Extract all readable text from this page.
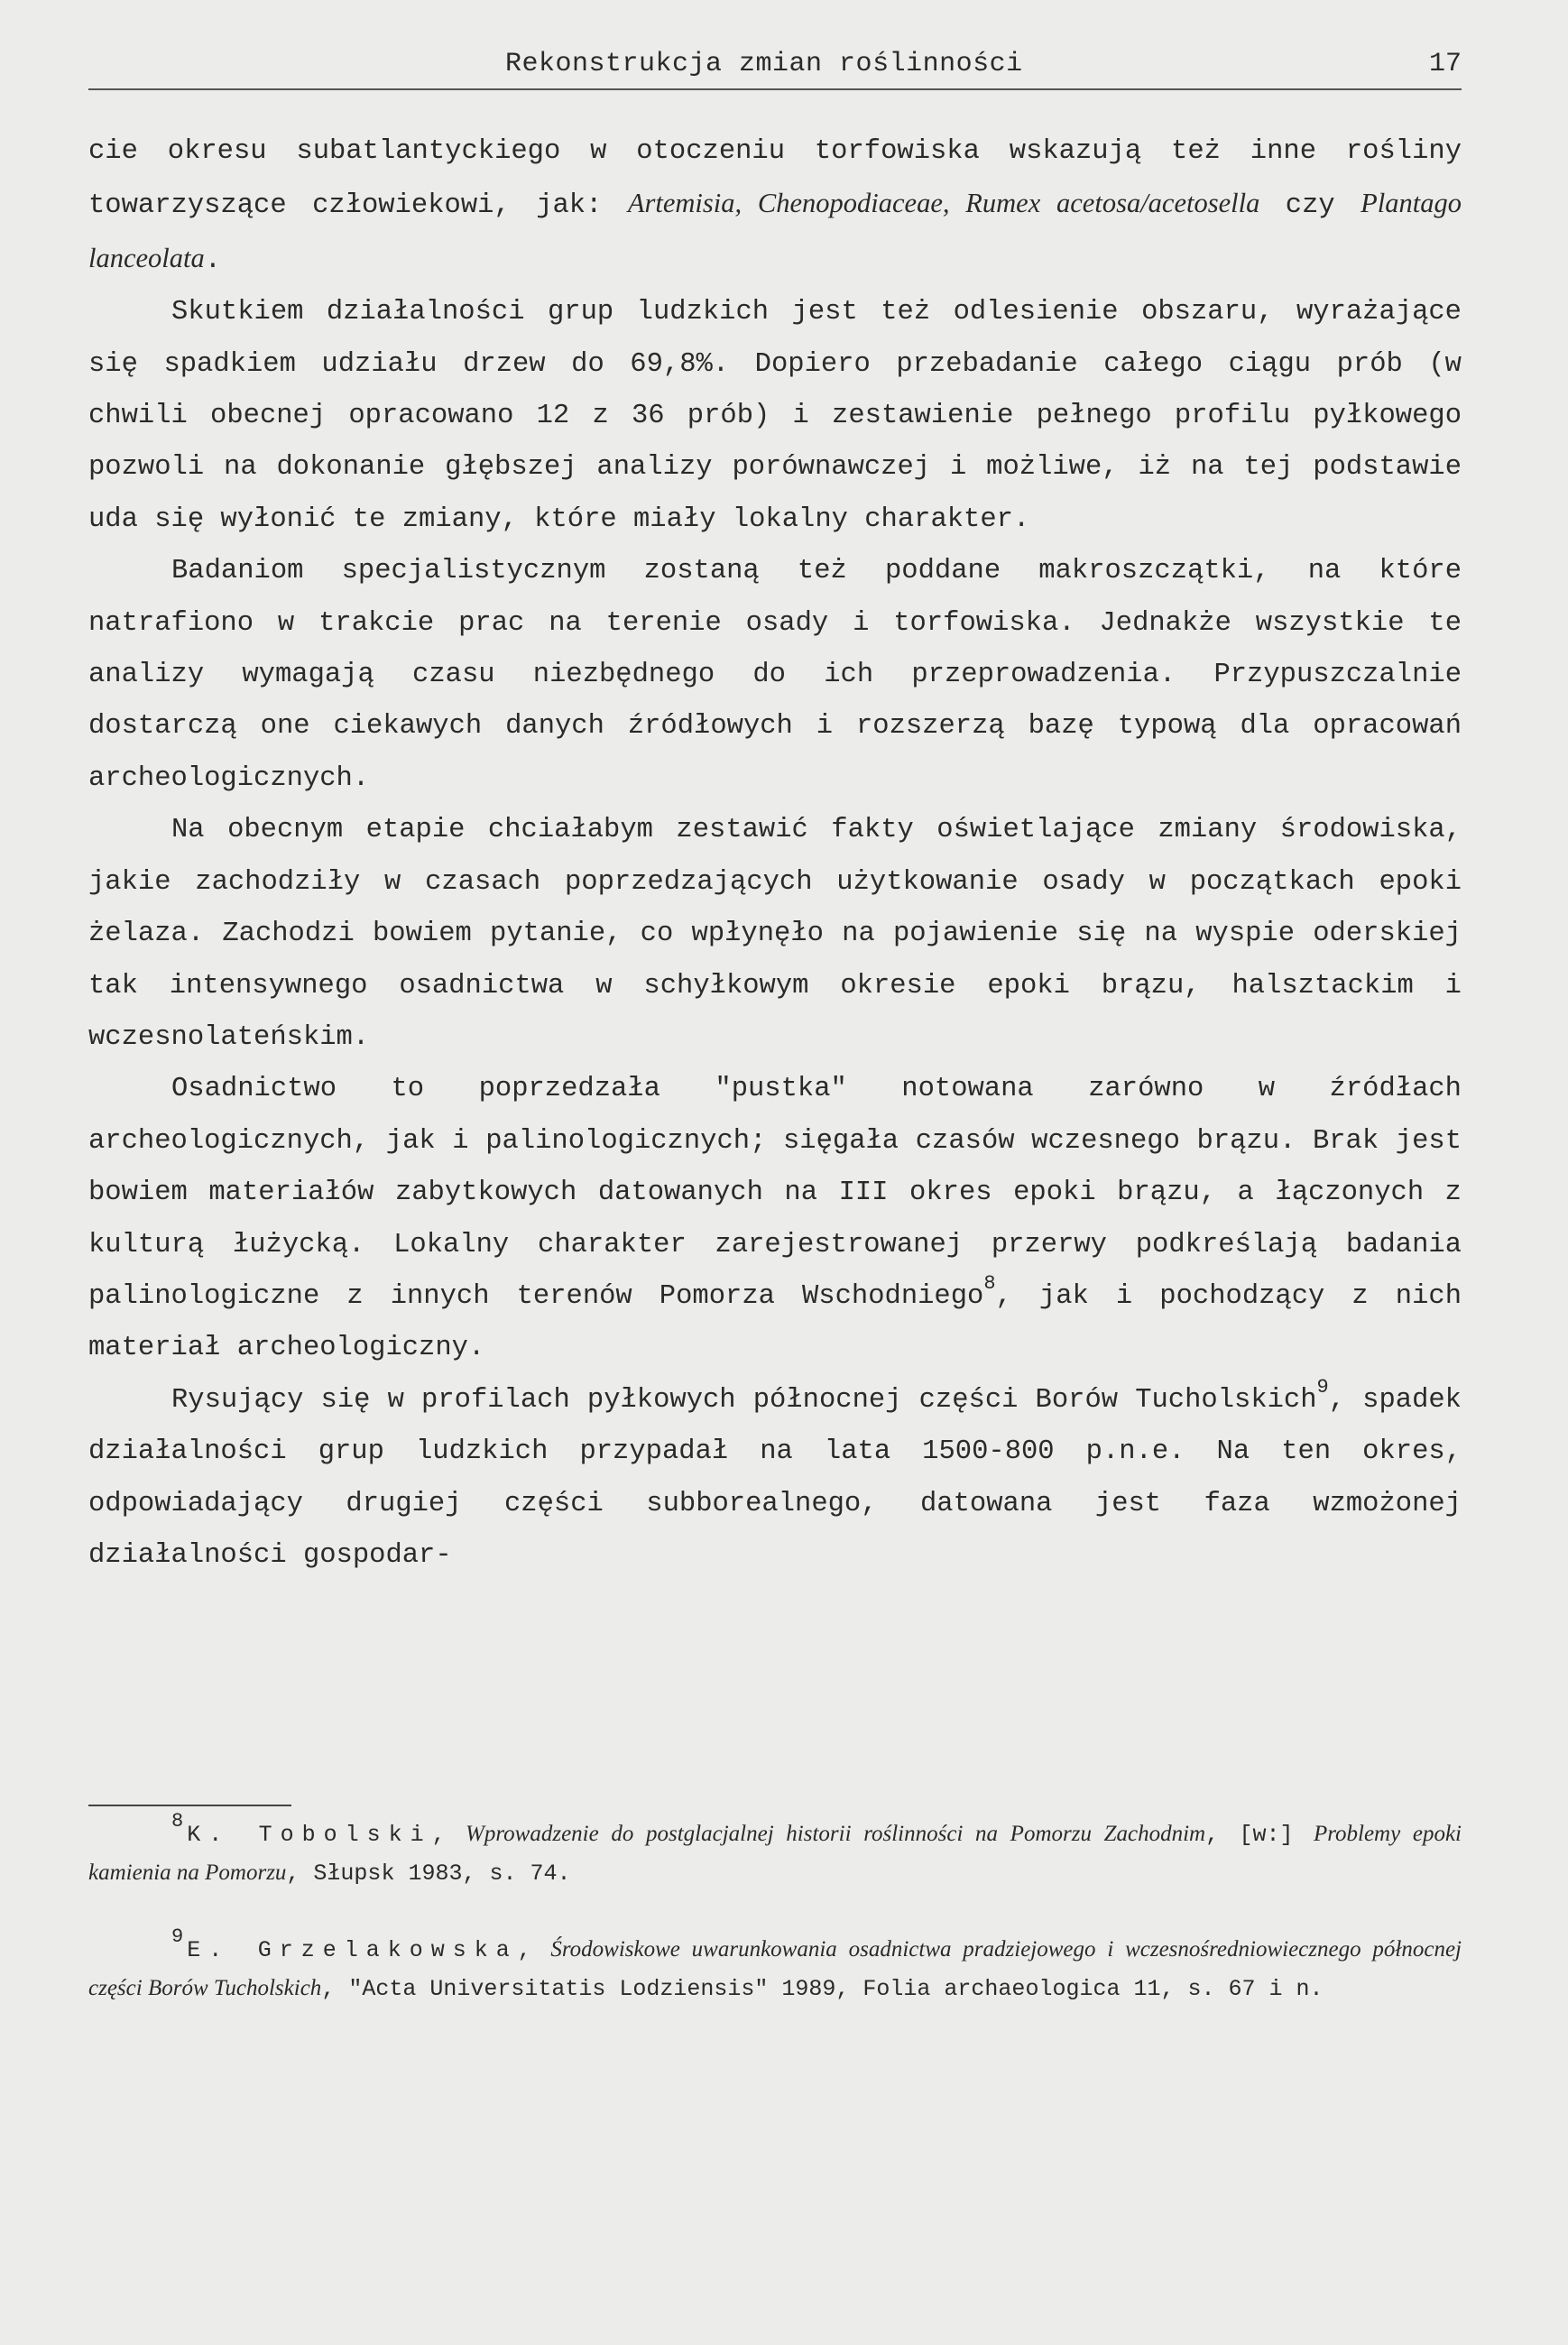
Rekonstrukcja zmian roślinności	17

cie okresu subatlantyckiego w otoczeniu torfowiska wskazują też inne rośliny towarzyszące człowiekowi, jak: Artemisia, Chenopodiaceae, Rumex acetosa/acetosella czy Plantago lanceolata.

Skutkiem działalności grup ludzkich jest też odlesienie obszaru, wyrażające się spadkiem udziału drzew do 69,8%. Dopiero przebadanie całego ciągu prób (w chwili obecnej opracowano 12 z 36 prób) i zestawienie pełnego profilu pyłkowego pozwoli na dokonanie głębszej analizy porównawczej i możliwe, iż na tej podstawie uda się wyłonić te zmiany, które miały lokalny charakter.

Badaniom specjalistycznym zostaną też poddane makroszczątki, na które natrafiono w trakcie prac na terenie osady i torfowiska. Jednakże wszystkie te analizy wymagają czasu niezbędnego do ich przeprowadzenia. Przypuszczalnie dostarczą one ciekawych danych źródłowych i rozszerzą bazę typową dla opracowań archeologicznych.

Na obecnym etapie chciałabym zestawić fakty oświetlające zmiany środowiska, jakie zachodziły w czasach poprzedzających użytkowanie osady w początkach epoki żelaza. Zachodzi bowiem pytanie, co wpłynęło na pojawienie się na wyspie oderskiej tak intensywnego osadnictwa w schyłkowym okresie epoki brązu, halsztackim i wczesnolateńskim.

Osadnictwo to poprzedzała "pustka" notowana zarówno w źródłach archeologicznych, jak i palinologicznych; sięgała czasów wczesnego brązu. Brak jest bowiem materiałów zabytkowych datowanych na III okres epoki brązu, a łączonych z kulturą łużycką. Lokalny charakter zarejestrowanej przerwy podkreślają badania palinologiczne z innych terenów Pomorza Wschodniego$^8$, jak i pochodzący z nich materiał archeologiczny.

Rysujący się w profilach pyłkowych północnej części Borów Tucholskich$^9$, spadek działalności grup ludzkich przypadał na lata 1500-800 p.n.e. Na ten okres, odpowiadający drugiej części subborealnego, datowana jest faza wzmożonej działalności gospodar-

8K. Tobolski, Wprowadzenie do postglacjalnej historii roślinności na Pomorzu Zachodnim, [w:] Problemy epoki kamienia na Pomorzu, Słupsk 1983, s. 74.

9E. Grzelakowska, Środowiskowe uwarunkowania osadnictwa pradziejowego i wczesnośredniowiecznego północnej części Borów Tucholskich, "Acta Universitatis Lodziensis" 1989, Folia archaeologica 11, s. 67 i n.
